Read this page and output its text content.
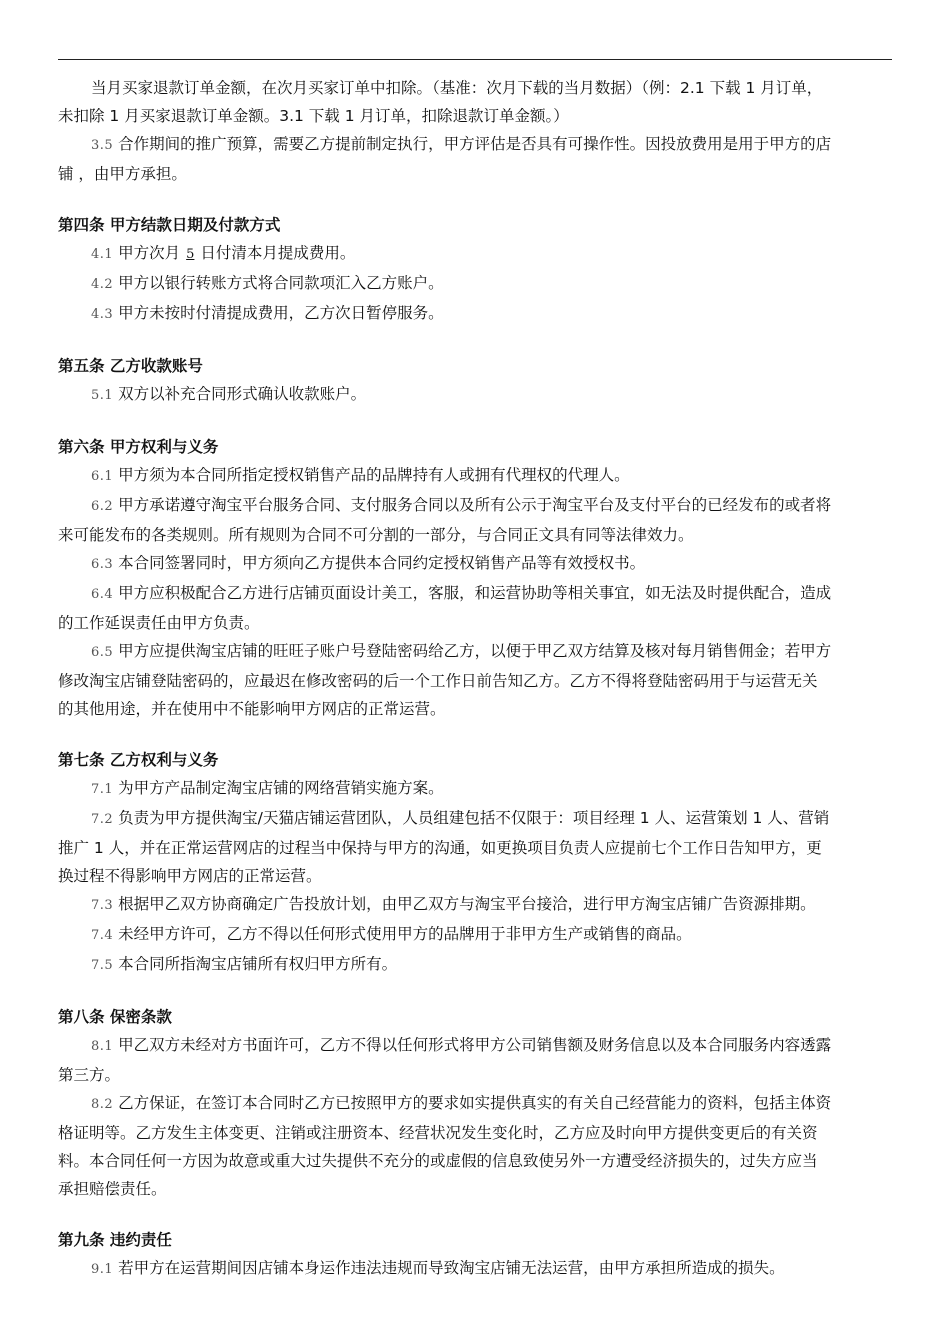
当月买家退款订单金额，在次月买家订单中扣除。（基准：次月下载的当月数据）（例：2.1 下载 1 月订单，

未扣除 1 月买家退款订单金额。3.1 下载 1 月订单，扣除退款订单金额。）

3.5 合作期间的推广预算，需要乙方提前制定执行，甲方评估是否具有可操作性。因投放费用是用于甲方的店

铺 ，由甲方承担。

第四条 甲方结款日期及付款方式

4.1 甲方次月 5 日付清本月提成费用。

4.2 甲方以银行转账方式将合同款项汇入乙方账户。

4.3 甲方未按时付清提成费用，乙方次日暂停服务。

第五条 乙方收款账号

5.1 双方以补充合同形式确认收款账户。

第六条 甲方权利与义务

6.1 甲方须为本合同所指定授权销售产品的品牌持有人或拥有代理权的代理人。

6.2 甲方承诺遵守淘宝平台服务合同、支付服务合同以及所有公示于淘宝平台及支付平台的已经发布的或者将

来可能发布的各类规则。所有规则为合同不可分割的一部分，与合同正文具有同等法律效力。

6.3 本合同签署同时，甲方须向乙方提供本合同约定授权销售产品等有效授权书。

6.4 甲方应积极配合乙方进行店铺页面设计美工，客服，和运营协助等相关事宜，如无法及时提供配合，造成

的工作延误责任由甲方负责。

6.5 甲方应提供淘宝店铺的旺旺子账户号登陆密码给乙方，以便于甲乙双方结算及核对每月销售佣金；若甲方

修改淘宝店铺登陆密码的，应最迟在修改密码的后一个工作日前告知乙方。乙方不得将登陆密码用于与运营无关

的其他用途，并在使用中不能影响甲方网店的正常运营。

第七条 乙方权利与义务

7.1 为甲方产品制定淘宝店铺的网络营销实施方案。

7.2 负责为甲方提供淘宝/天猫店铺运营团队，人员组建包括不仅限于：项目经理 1 人、运营策划 1 人、营销

推广 1 人，并在正常运营网店的过程当中保持与甲方的沟通，如更换项目负责人应提前七个工作日告知甲方，更

换过程不得影响甲方网店的正常运营。

7.3 根据甲乙双方协商确定广告投放计划，由甲乙双方与淘宝平台接洽，进行甲方淘宝店铺广告资源排期。

7.4 未经甲方许可，乙方不得以任何形式使用甲方的品牌用于非甲方生产或销售的商品。

7.5 本合同所指淘宝店铺所有权归甲方所有。

第八条 保密条款

8.1 甲乙双方未经对方书面许可，乙方不得以任何形式将甲方公司销售额及财务信息以及本合同服务内容透露

第三方。

8.2 乙方保证，在签订本合同时乙方已按照甲方的要求如实提供真实的有关自己经营能力的资料，包括主体资

格证明等。乙方发生主体变更、注销或注册资本、经营状况发生变化时，乙方应及时向甲方提供变更后的有关资

料。本合同任何一方因为故意或重大过失提供不充分的或虚假的信息致使另外一方遭受经济损失的，过失方应当

承担赔偿责任。

第九条 违约责任

9.1 若甲方在运营期间因店铺本身运作违法违规而导致淘宝店铺无法运营，由甲方承担所造成的损失。
